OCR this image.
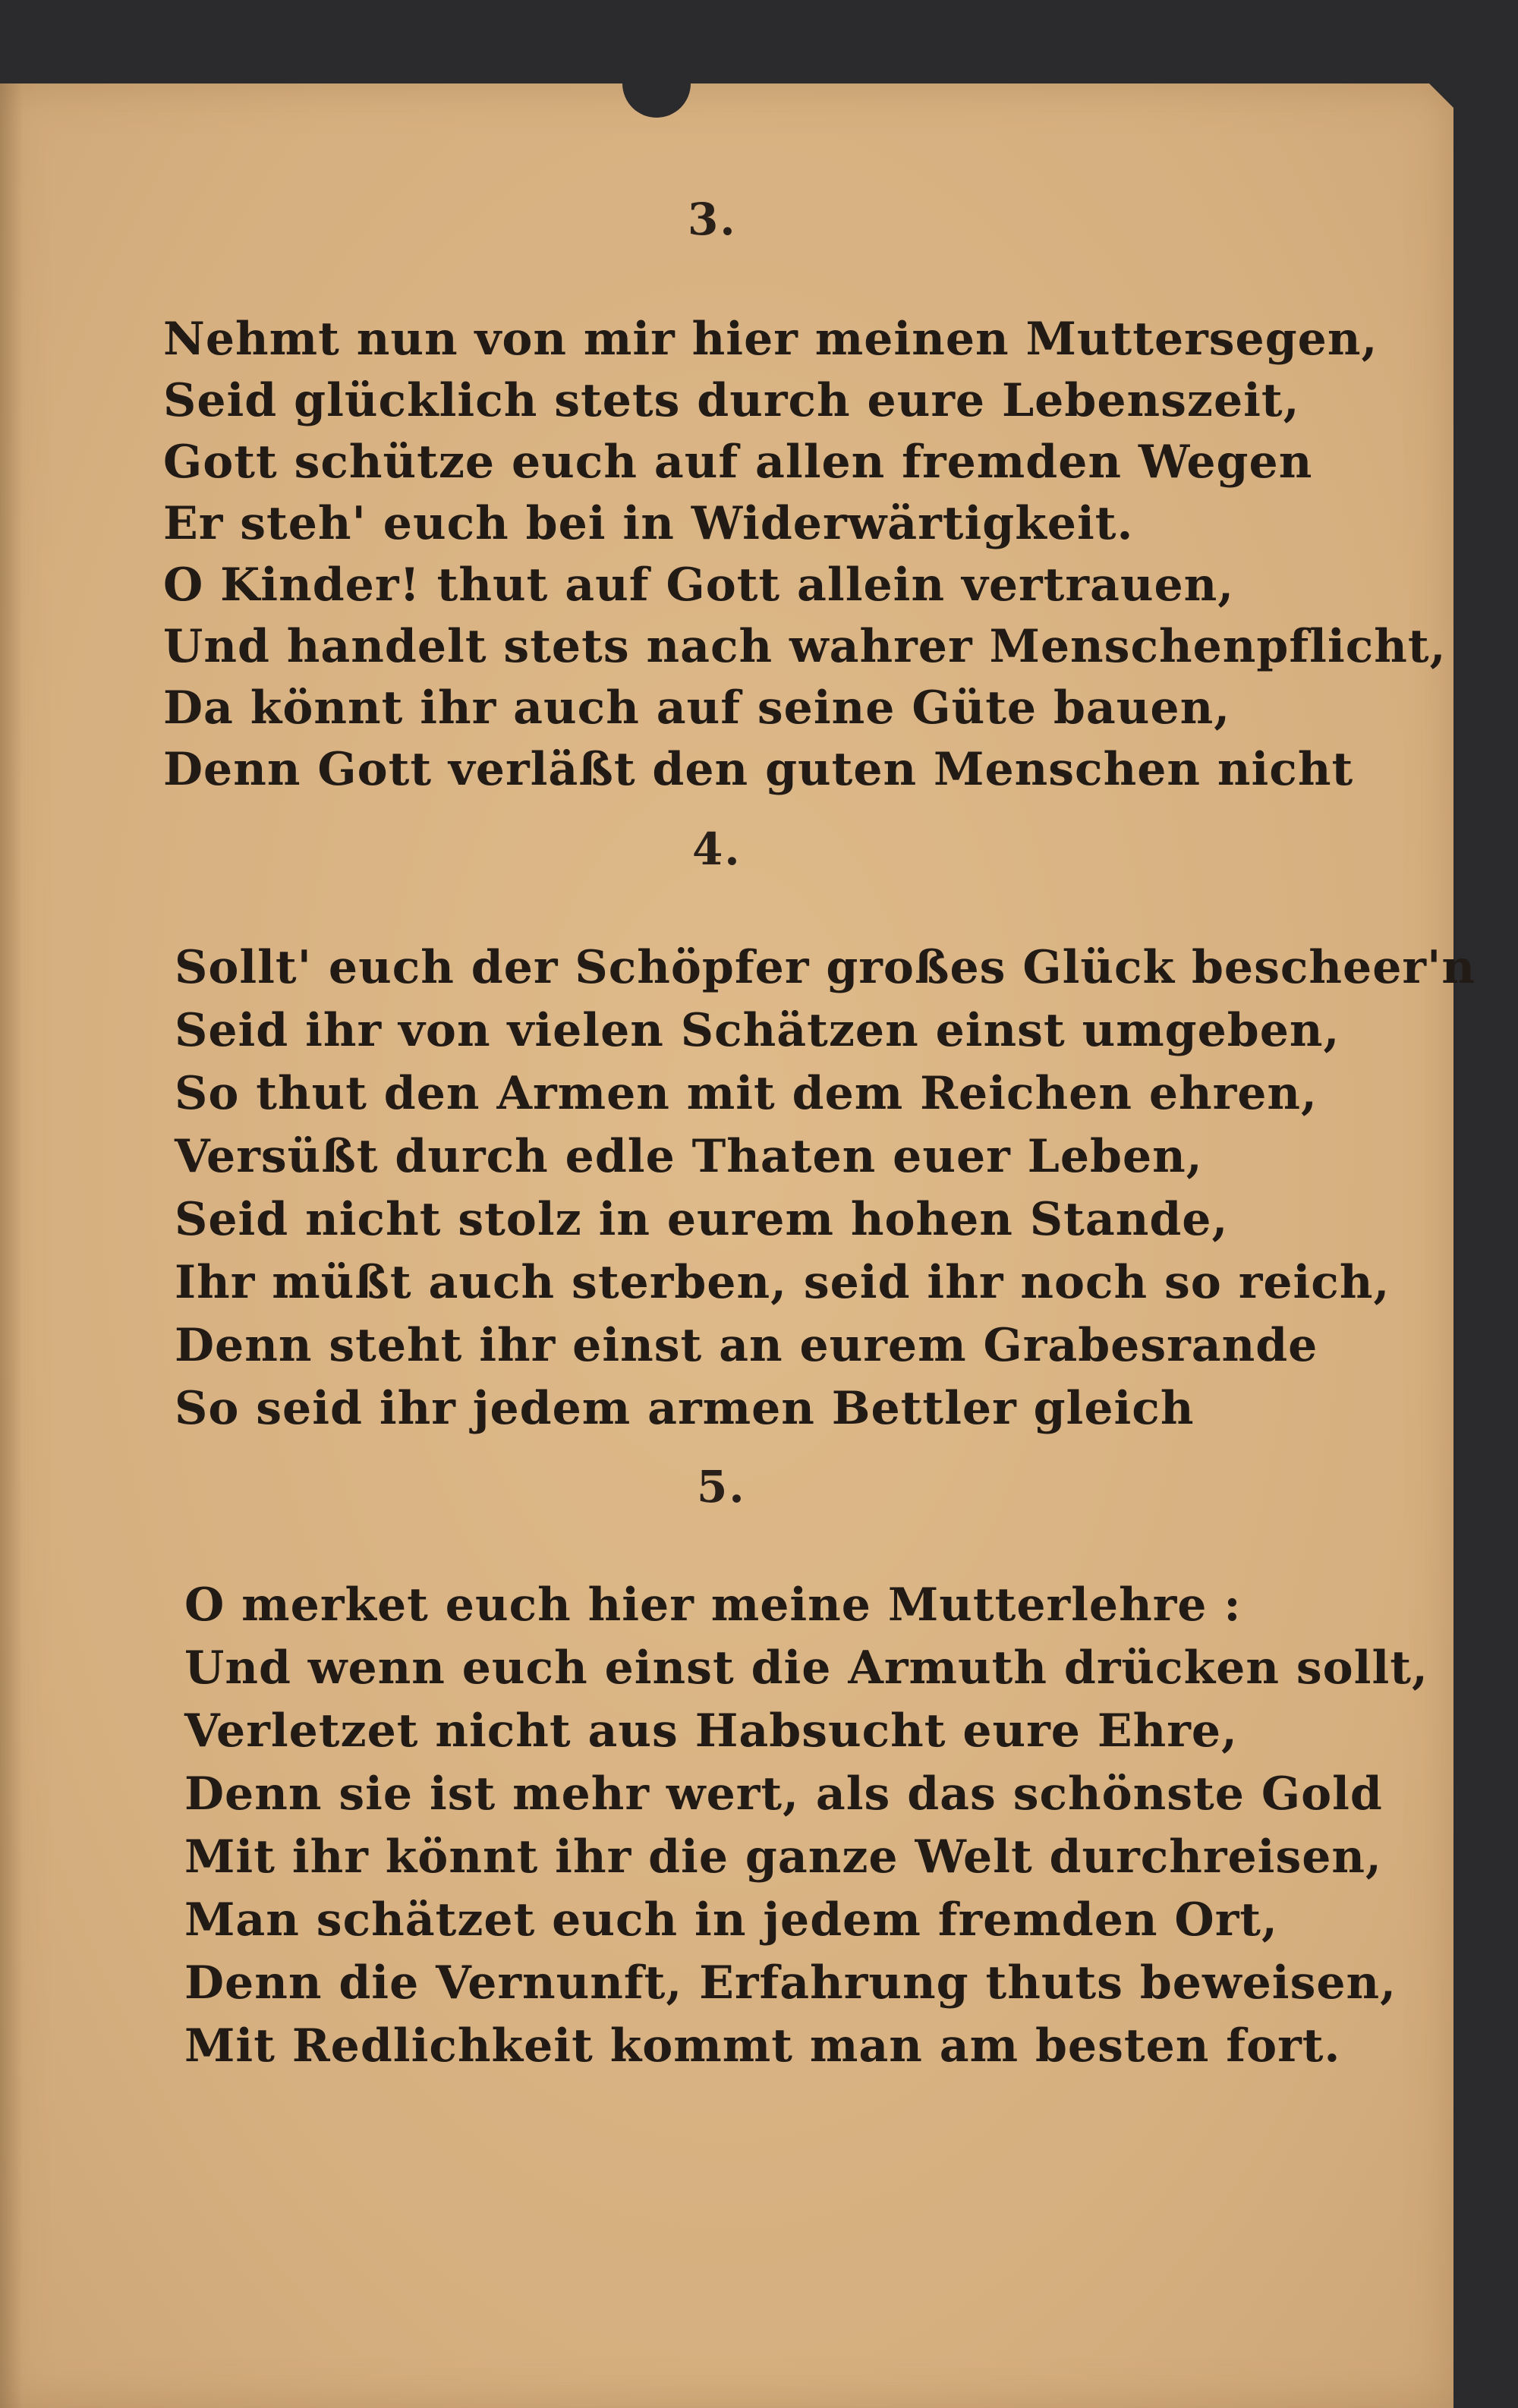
3.
Nehmt nun von mir hier meinen Muttersegen,
Seid glücklich stets durch eure Lebenszeit,
Gott schütze euch auf allen fremden Wegen
Er steh' euch bei in Widerwärtigkeit.
O Kinder! thut auf Gott allein vertrauen,
Und handelt stets nach wahrer Menschenpflicht,
Da könnt ihr auch auf seine Güte bauen,
Denn Gott verläßt den guten Menschen nicht
4.
Sollt' euch der Schöpfer großes Glück bescheer'n
Seid ihr von vielen Schätzen einst umgeben,
So thut den Armen mit dem Reichen ehren,
Versüßt durch edle Thaten euer Leben,
Seid nicht stolz in eurem hohen Stande,
Ihr müßt auch sterben, seid ihr noch so reich,
Denn steht ihr einst an eurem Grabesrande
So seid ihr jedem armen Bettler gleich
5.
O merket euch hier meine Mutterlehre :
Und wenn euch einst die Armuth drücken sollt,
Verletzet nicht aus Habsucht eure Ehre,
Denn sie ist mehr wert, als das schönste Gold
Mit ihr könnt ihr die ganze Welt durchreisen,
Man schätzet euch in jedem fremden Ort,
Denn die Vernunft, Erfahrung thuts beweisen,
Mit Redlichkeit kommt man am besten fort.
